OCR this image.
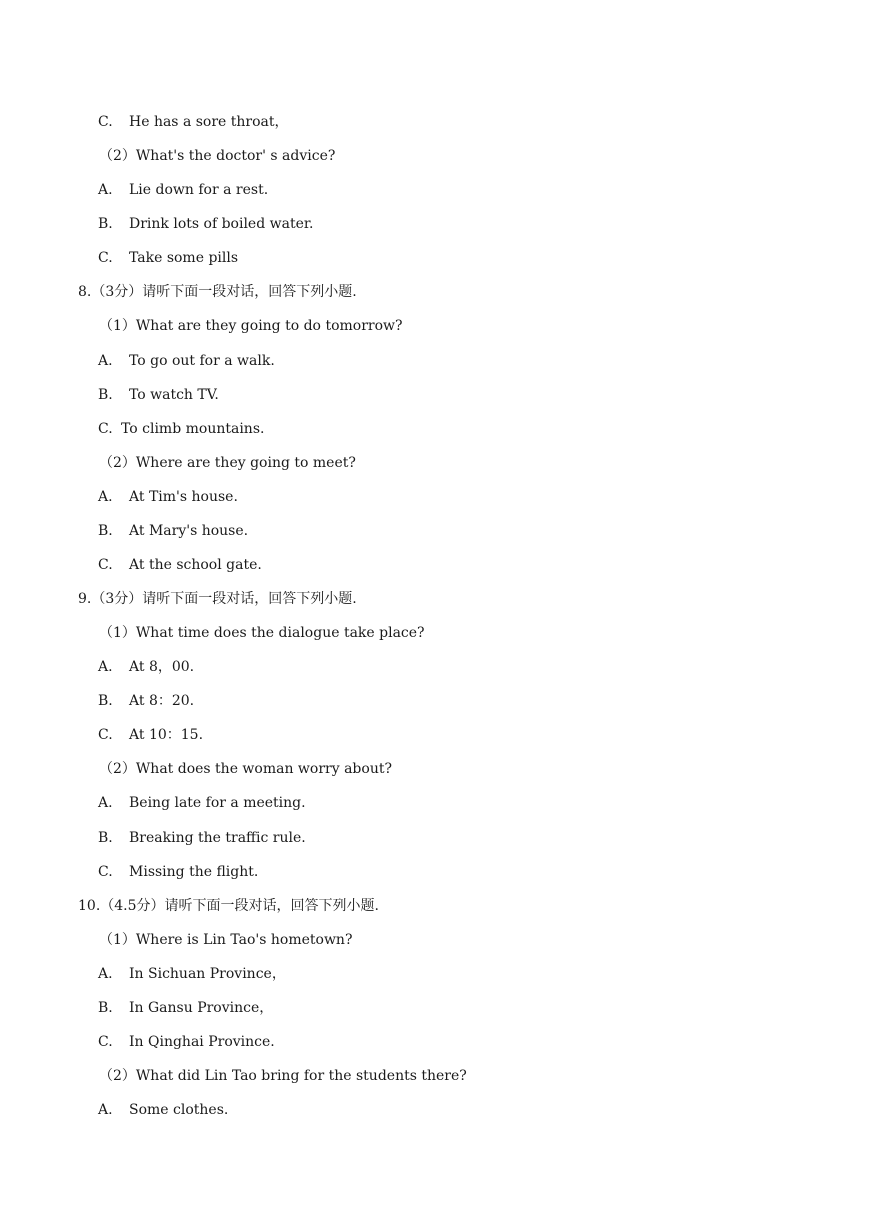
C. He has a sore throat，
（2）What's the doctor' s advice?
A. Lie down for a rest.
B. Drink lots of boiled water.
C. Take some pills
8.（3分）请听下面一段对话，回答下列小题.
（1）What are they going to do tomorrow?
A. To go out for a walk.
B. To watch TV.
C. To climb mountains.
（2）Where are they going to meet?
A. At Tim's house.
B. At Mary's house.
C. At the school gate.
9.（3分）请听下面一段对话，回答下列小题.
（1）What time does the dialogue take place?
A. At 8，00.
B. At 8：20.
C. At 10：15.
（2）What does the woman worry about?
A. Being late for a meeting.
B. Breaking the traffic rule.
C. Missing the flight.
10.（4.5分）请听下面一段对话，回答下列小题.
（1）Where is Lin Tao's hometown?
A. In Sichuan Province，
B. In Gansu Province，
C. In Qinghai Province.
（2）What did Lin Tao bring for the students there?
A. Some clothes.
